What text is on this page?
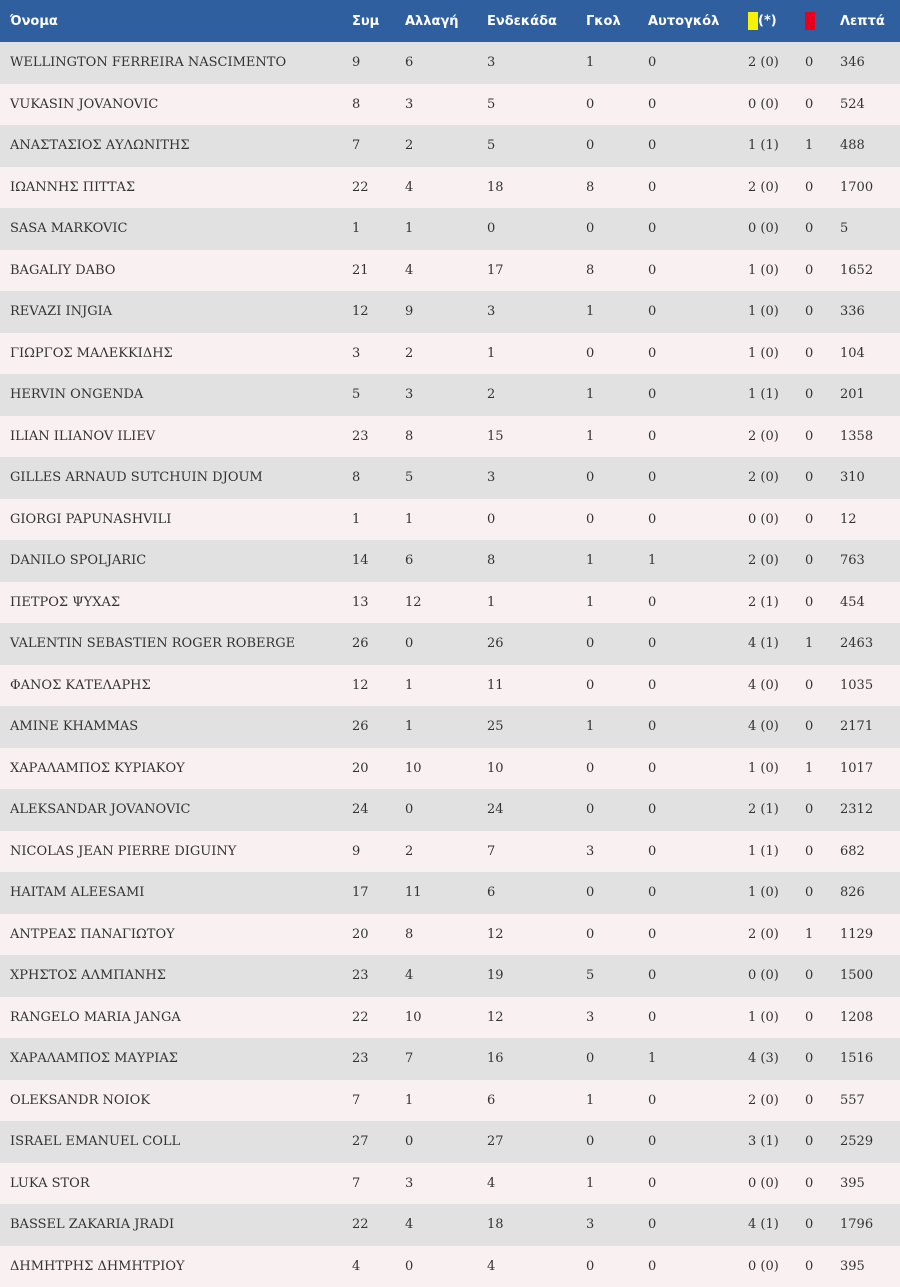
Όνομα	Συμ	Αλλαγή	Ενδεκάδα	Γκολ	Αυτογκόλ	(*)		Λεπτά
WELLINGTON FERREIRA NASCIMENTO	9	6	3	1	0	2 (0)	0	346
VUKASIN JOVANOVIC	8	3	5	0	0	0 (0)	0	524
ΑΝΑΣΤΑΣΙΟΣ ΑΥΛΩΝΙΤΗΣ	7	2	5	0	0	1 (1)	1	488
ΙΩΑΝΝΗΣ ΠΙΤΤΑΣ	22	4	18	8	0	2 (0)	0	1700
SASA MARKOVIC	1	1	0	0	0	0 (0)	0	5
BAGALIY DABO	21	4	17	8	0	1 (0)	0	1652
REVAZI INJGIA	12	9	3	1	0	1 (0)	0	336
ΓΙΩΡΓΟΣ ΜΑΛΕΚΚΙΔΗΣ	3	2	1	0	0	1 (0)	0	104
HERVIN ONGENDA	5	3	2	1	0	1 (1)	0	201
ILIAN ILIANOV ILIEV	23	8	15	1	0	2 (0)	0	1358
GILLES ARNAUD SUTCHUIN DJOUM	8	5	3	0	0	2 (0)	0	310
GIORGI PAPUNASHVILI	1	1	0	0	0	0 (0)	0	12
DANILO SPOLJARIC	14	6	8	1	1	2 (0)	0	763
ΠΕΤΡΟΣ ΨΥΧΑΣ	13	12	1	1	0	2 (1)	0	454
VALENTIN SEBASTIEN ROGER ROBERGE	26	0	26	0	0	4 (1)	1	2463
ΦΑΝΟΣ ΚΑΤΕΛΑΡΗΣ	12	1	11	0	0	4 (0)	0	1035
AMINE KHAMMAS	26	1	25	1	0	4 (0)	0	2171
ΧΑΡΑΛΑΜΠΟΣ ΚΥΡΙΑΚΟΥ	20	10	10	0	0	1 (0)	1	1017
ALEKSANDAR JOVANOVIC	24	0	24	0	0	2 (1)	0	2312
NICOLAS JEAN PIERRE DIGUINY	9	2	7	3	0	1 (1)	0	682
HAITAM ALEESAMI	17	11	6	0	0	1 (0)	0	826
ΑΝΤΡΕΑΣ ΠΑΝΑΓΙΩΤΟΥ	20	8	12	0	0	2 (0)	1	1129
ΧΡΗΣΤΟΣ ΑΛΜΠΑΝΗΣ	23	4	19	5	0	0 (0)	0	1500
RANGELO MARIA JANGA	22	10	12	3	0	1 (0)	0	1208
ΧΑΡΑΛΑΜΠΟΣ ΜΑΥΡΙΑΣ	23	7	16	0	1	4 (3)	0	1516
OLEKSANDR NOIOK	7	1	6	1	0	2 (0)	0	557
ISRAEL EMANUEL COLL	27	0	27	0	0	3 (1)	0	2529
LUKA STOR	7	3	4	1	0	0 (0)	0	395
BASSEL ZAKARIA JRADI	22	4	18	3	0	4 (1)	0	1796
ΔΗΜΗΤΡΗΣ ΔΗΜΗΤΡΙΟΥ	4	0	4	0	0	0 (0)	0	395
